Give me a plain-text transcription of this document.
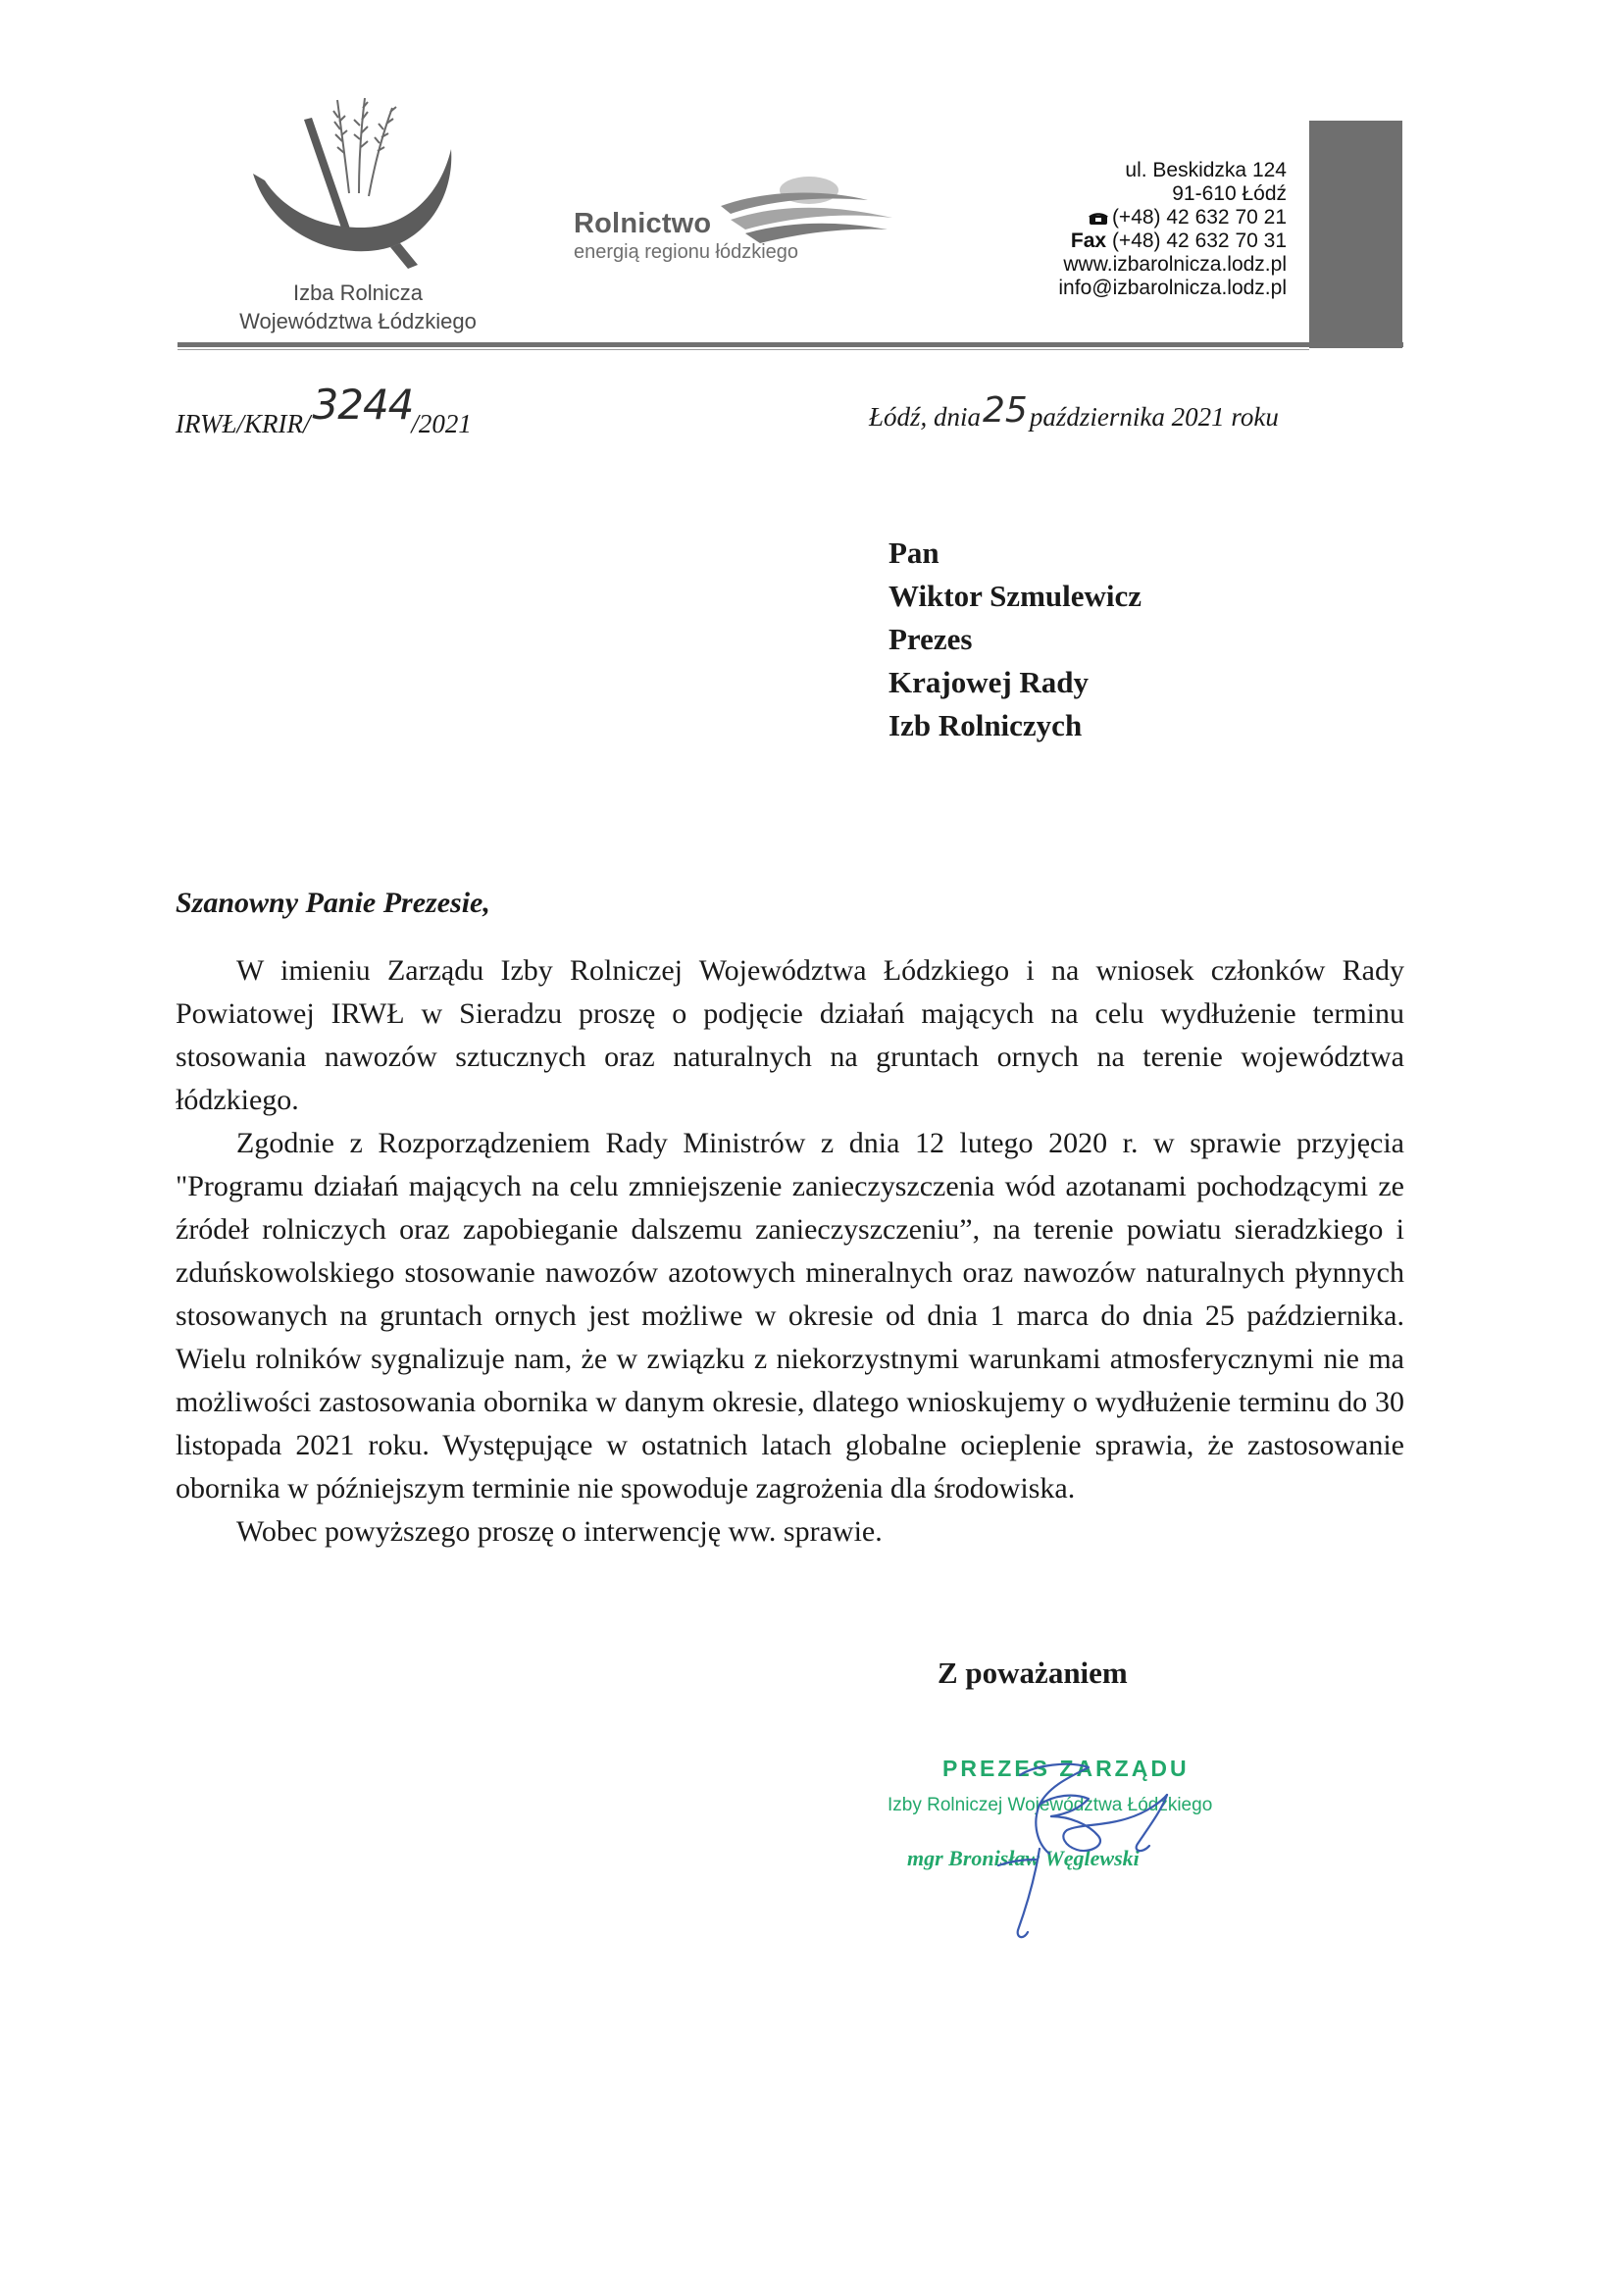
Izba Rolnicza
Województwa Łódzkiego
Rolnictwo
energią regionu łódzkiego
ul. Beskidzka 124
91-610 Łódź
(+48) 42 632 70 21
Fax (+48) 42 632 70 31
www.izbarolnicza.lodz.pl
info@izbarolnicza.lodz.pl
IRWŁ/KRIR/3244/2021	Łódź, dnia25października 2021 roku
Pan
Wiktor Szmulewicz
Prezes
Krajowej Rady
Izb Rolniczych
Szanowny Panie Prezesie,

W imieniu Zarządu Izby Rolniczej Województwa Łódzkiego i na wniosek członków Rady Powiatowej IRWŁ w Sieradzu proszę o podjęcie działań mających na celu wydłużenie terminu stosowania nawozów sztucznych oraz naturalnych na gruntach ornych na terenie województwa łódzkiego.

Zgodnie z Rozporządzeniem Rady Ministrów z dnia 12 lutego 2020 r. w sprawie przyjęcia "Programu działań mających na celu zmniejszenie zanieczyszczenia wód azotanami pochodzącymi ze źródeł rolniczych oraz zapobieganie dalszemu zanieczyszczeniu”, na terenie powiatu sieradzkiego i zduńskowolskiego stosowanie nawozów azotowych mineralnych oraz nawozów naturalnych płynnych stosowanych na gruntach ornych jest możliwe w okresie od dnia 1 marca do dnia 25 października. Wielu rolników sygnalizuje nam, że w związku z niekorzystnymi warunkami atmosferycznymi nie ma możliwości zastosowania obornika w danym okresie, dlatego wnioskujemy o wydłużenie terminu do 30 listopada 2021 roku. Występujące w ostatnich latach globalne ocieplenie sprawia, że zastosowanie obornika w późniejszym terminie nie spowoduje zagrożenia dla środowiska.

Wobec powyższego proszę o interwencję ww. sprawie.

Z poważaniem
PREZES ZARZĄDU
Izby Rolniczej Województwa Łódzkiego
mgr Bronisław Węglewski
